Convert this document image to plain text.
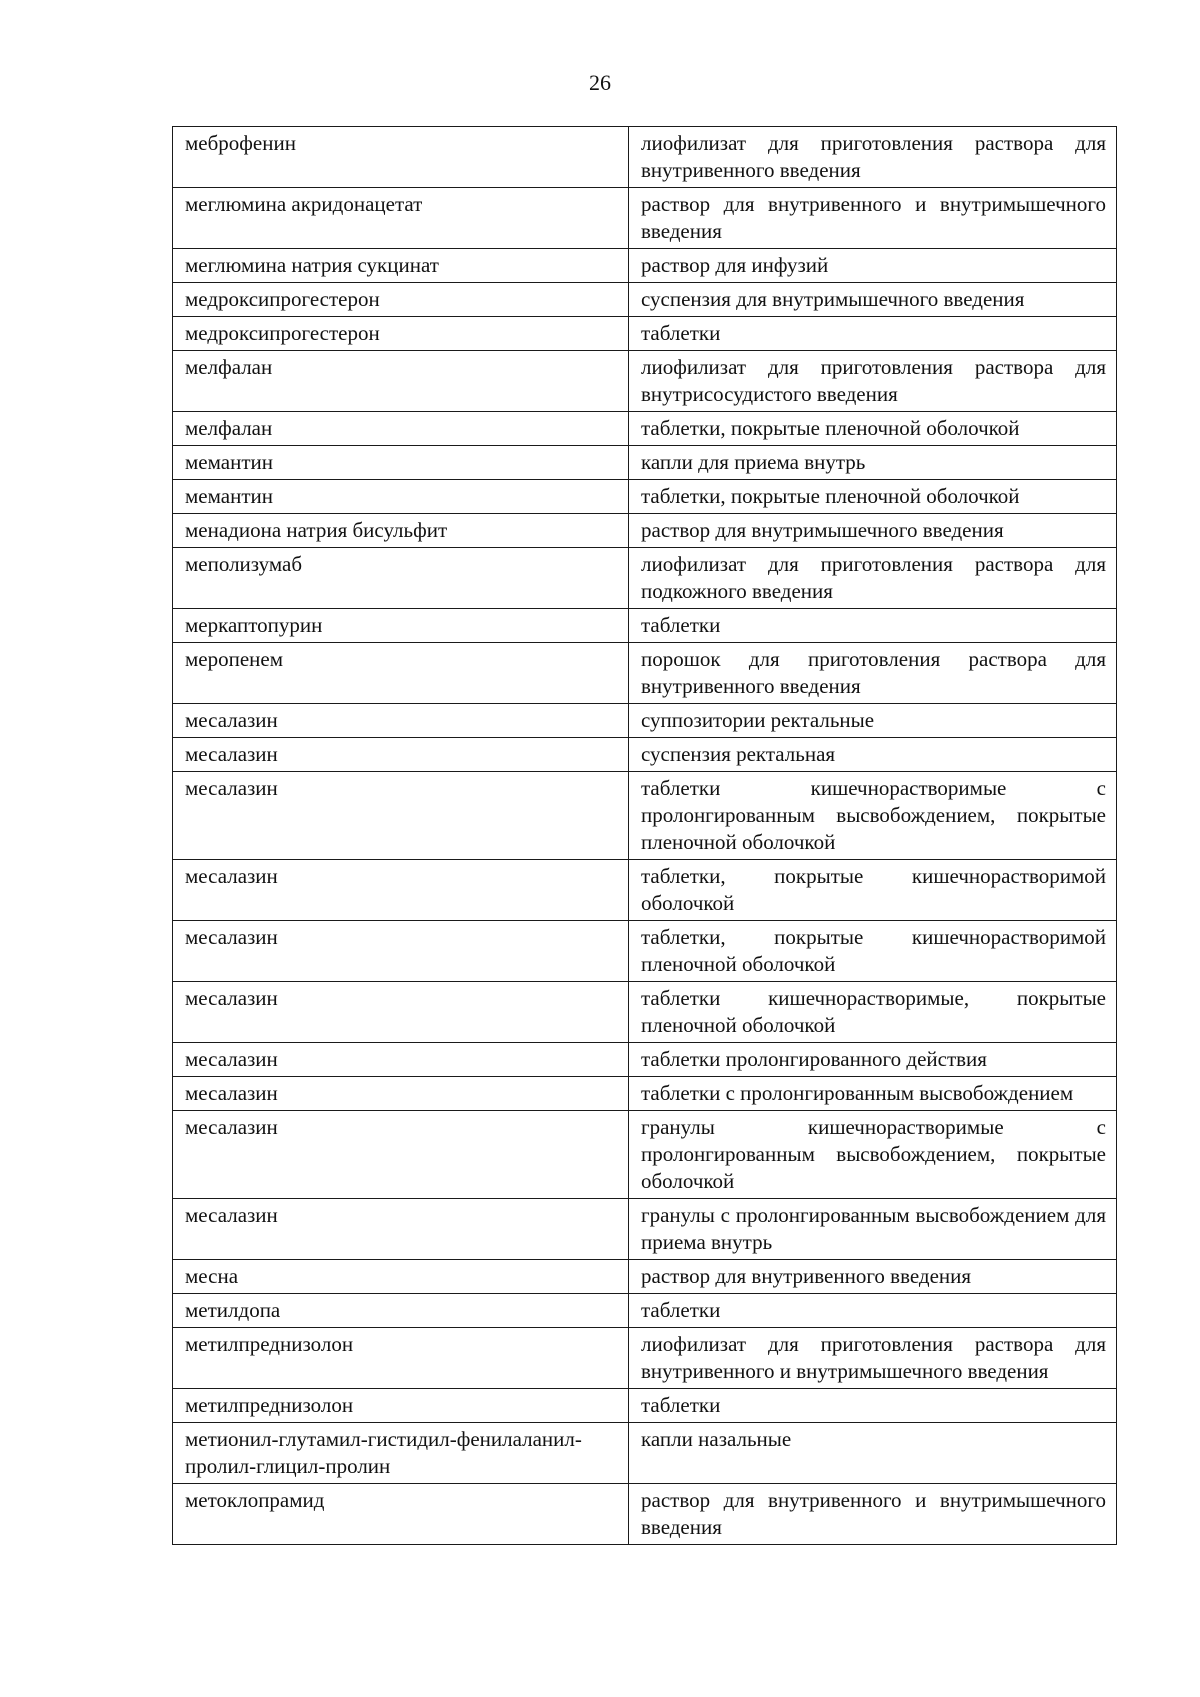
26
меброфенин	лиофилизат для приготовления раствора для внутривенного введения
меглюмина акридонацетат	раствор для внутривенного и внутримышечного введения
меглюмина натрия сукцинат	раствор для инфузий
медроксипрогестерон	суспензия для внутримышечного введения
медроксипрогестерон	таблетки
мелфалан	лиофилизат для приготовления раствора для внутрисосудистого введения
мелфалан	таблетки, покрытые пленочной оболочкой
мемантин	капли для приема внутрь
мемантин	таблетки, покрытые пленочной оболочкой
менадиона натрия бисульфит	раствор для внутримышечного введения
меполизумаб	лиофилизат для приготовления раствора для подкожного введения
меркаптопурин	таблетки
меропенем	порошок для приготовления раствора для внутривенного введения
месалазин	суппозитории ректальные
месалазин	суспензия ректальная
месалазин	таблетки кишечнорастворимые с пролонгированным высвобождением, покрытые пленочной оболочкой
месалазин	таблетки, покрытые кишечнорастворимой оболочкой
месалазин	таблетки, покрытые кишечнорастворимой пленочной оболочкой
месалазин	таблетки кишечнорастворимые, покрытые пленочной оболочкой
месалазин	таблетки пролонгированного действия
месалазин	таблетки с пролонгированным высвобождением
месалазин	гранулы кишечнорастворимые с пролонгированным высвобождением, покрытые оболочкой
месалазин	гранулы с пролонгированным высвобождением для приема внутрь
месна	раствор для внутривенного введения
метилдопа	таблетки
метилпреднизолон	лиофилизат для приготовления раствора для внутривенного и внутримышечного введения
метилпреднизолон	таблетки
метионил-глутамил-гистидил-фенилаланил-пролил-глицил-пролин	капли назальные
метоклопрамид	раствор для внутривенного и внутримышечного введения
